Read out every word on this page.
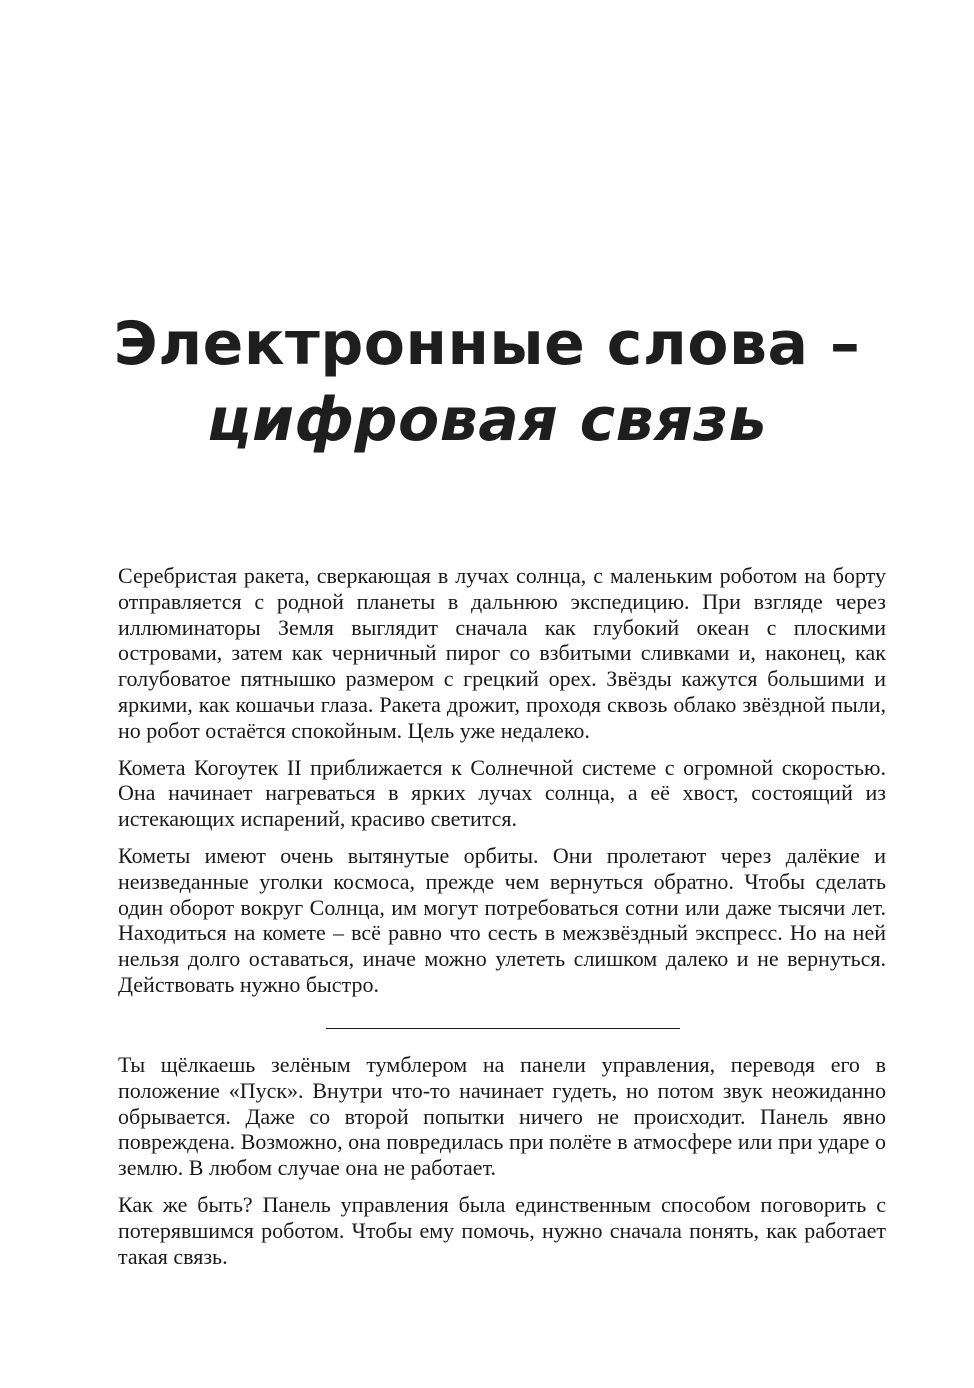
Электронные слова –
цифровая связь

Серебристая ракета, сверкающая в лучах солнца, с маленьким роботом на борту отправляется с родной планеты в дальнюю экспедицию. При взгляде через иллюминаторы Земля выглядит сначала как глубокий океан с плоскими островами, затем как черничный пирог со взбитыми сливками и, наконец, как голубоватое пятнышко размером с грецкий орех. Звёзды кажутся большими и яркими, как кошачьи глаза. Ракета дрожит, проходя сквозь облако звёздной пыли, но робот остаётся спокойным. Цель уже недалеко.

Комета Когоутек II приближается к Солнечной системе с огромной скоростью. Она начинает нагреваться в ярких лучах солнца, а её хвост, состоящий из истекающих испарений, красиво светится.

Кометы имеют очень вытянутые орбиты. Они пролетают через далёкие и неизведанные уголки космоса, прежде чем вернуться обратно. Чтобы сделать один оборот вокруг Солнца, им могут потребоваться сотни или даже тысячи лет. Находиться на комете – всё равно что сесть в межзвёздный экспресс. Но на ней нельзя долго оставаться, иначе можно улететь слишком далеко и не вернуться. Действовать нужно быстро.

Ты щёлкаешь зелёным тумблером на панели управления, переводя его в положение «Пуск». Внутри что-то начинает гудеть, но потом звук неожиданно обрывается. Даже со второй попытки ничего не происходит. Панель явно повреждена. Возможно, она повредилась при полёте в атмосфере или при ударе о землю. В любом случае она не работает.

Как же быть? Панель управления была единственным способом поговорить с потерявшимся роботом. Чтобы ему помочь, нужно сначала понять, как работает такая связь.
